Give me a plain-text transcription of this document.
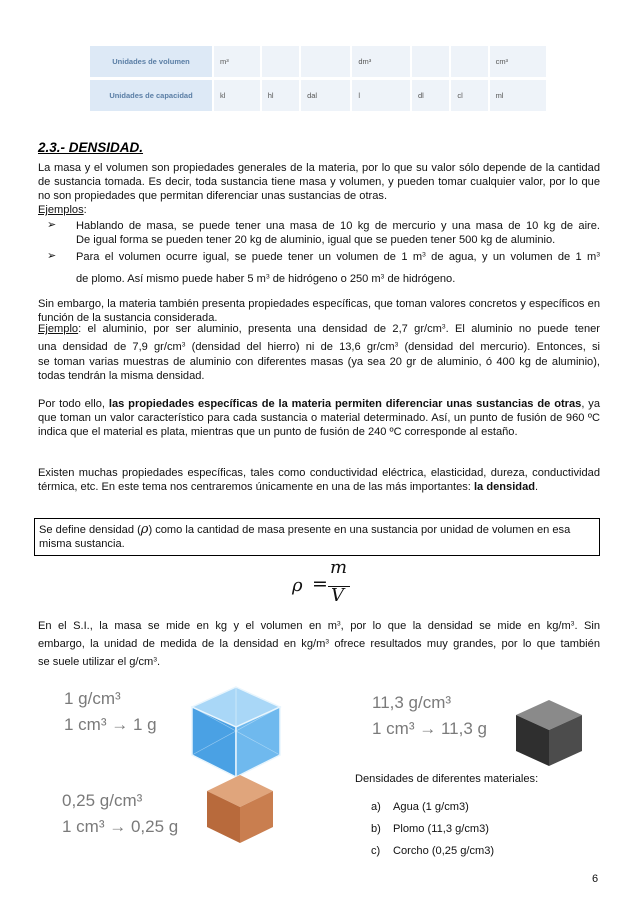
Unidades de volumen	m³			dm³			cm³
Unidades de capacidad	kl	hl	dal	l	dl	cl	ml
2.3.- DENSIDAD.
La masa y el volumen son propiedades generales de la materia, por lo que su valor sólo depende de la cantidad de sustancia tomada. Es decir, toda sustancia tiene masa y volumen, y pueden tomar cualquier valor, por lo que no son propiedades que permitan diferenciar unas sustancias de otras.
Ejemplos:
➢ Hablando de masa, se puede tener una masa de 10 kg de mercurio y una masa de 10 kg de aire.
De igual forma se pueden tener 20 kg de aluminio, igual que se pueden tener 500 kg de aluminio.
➢ Para el volumen ocurre igual, se puede tener un volumen de 1 $m^3$ de agua, y un volumen de 1 $m^3$
de plomo. Así mismo puede haber 5 $m^3$ de hidrógeno o 250 $m^3$ de hidrógeno.
Sin embargo, la materia también presenta propiedades específicas, que toman valores concretos y específicos en función de la sustancia considerada.
Ejemplo: el aluminio, por ser aluminio, presenta una densidad de 2,7 $gr/cm^3$. El aluminio no puede tener
una densidad de 7,9 $gr/cm^3$ (densidad del hierro) ni de 13,6 $gr/cm^3$ (densidad del mercurio). Entonces, si
se toman varias muestras de aluminio con diferentes masas (ya sea 20 gr de aluminio, ó 400 kg de aluminio), todas tendrán la misma densidad.
Por todo ello, las propiedades específicas de la materia permiten diferenciar unas sustancias de otras, ya que toman un valor característico para cada sustancia o material determinado. Así, un punto de fusión de 960 ºC indica que el material es plata, mientras que un punto de fusión de 240 ºC corresponde al estaño.
Existen muchas propiedades específicas, tales como conductividad eléctrica, elasticidad, dureza, conductividad térmica, etc. En este tema nos centraremos únicamente en una de las más importantes: la densidad.
Se define densidad (ρ) como la cantidad de masa presente en una sustancia por unidad de volumen en esa misma sustancia.
ρ =
m
V
En el S.I., la masa se mide en kg y el volumen en $m^3$, por lo que la densidad se mide en $kg/m^3$. Sin
embargo, la unidad de medida de la densidad en $kg/m^3$ ofrece resultados muy grandes, por lo que también
se suele utilizar el $g/cm^3$.
1 g/cm³
1 cm³ → 1 g
11,3 g/cm³
1 cm³ → 11,3 g
0,25 g/cm³
1 cm³ → 0,25 g
Densidades de diferentes materiales:
a) Agua (1 g/cm3)
b) Plomo (11,3 g/cm3)
c) Corcho (0,25 g/cm3)
6
